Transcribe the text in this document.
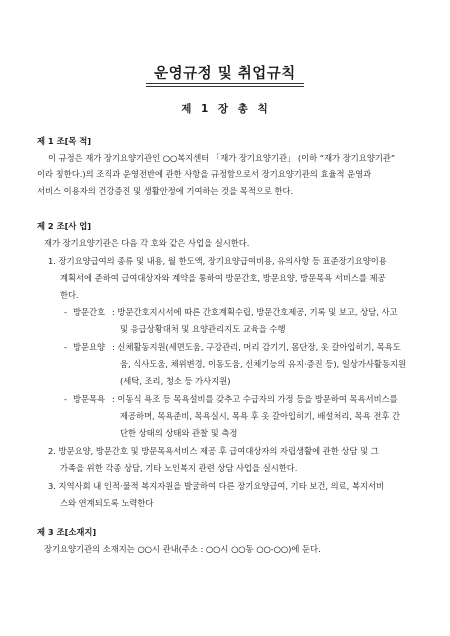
운영규정 및 취업규칙
제 1 장 총 칙
제 1 조[목 적]
이 규정은 재가 장기요양기관인 ○○복지센터 「재가 장기요양기관」 (이하 “재가 장기요양기관”
이라 칭한다.)의 조직과 운영전반에 관한 사항을 규정함으로서 장기요양기관의 효율적 운영과
서비스 이용자의 건강증진 및 생활안정에 기여하는 것을 목적으로 한다.
제 2 조[사 업]
재가 장기요양기관은 다음 각 호와 같은 사업을 실시한다.
1. 장기요양급여의 종류 및 내용, 월 한도액, 장기요양급여비용, 유의사항 등 표준장기요양이용
계획서에 준하여 급여대상자와 계약을 통하여 방문간호, 방문요양, 방문목욕 서비스를 제공
한다.
- 방문간호 : 방문간호지시서에 따른 간호계획수립, 방문간호제공, 기록 및 보고, 상담, 사고
및 응급상황대처 및 요양관리지도 교육을 수행
- 방문요양 : 신체활동지원(세면도움, 구강관리, 머리 감기기, 몸단장, 옷 갈아입히기, 목욕도
움, 식사도움, 체위변경, 이동도움, 신체기능의 유지·증진 등), 일상가사활동지원
(세탁, 조리, 청소 등 가사지원)
- 방문목욕 : 이동식 욕조 등 목욕설비를 갖추고 수급자의 가정 등을 방문하여 목욕서비스를
제공하며, 목욕준비, 목욕실시, 목욕 후 옷 갈아입히기, 배설처리, 목욕 전후 간
단한 상태의 상태와 관찰 및 측정
2. 방문요양, 방문간호 및 방문목욕서비스 제공 후 급여대상자의 자립생활에 관한 상담 및 그
가족을 위한 각종 상담, 기타 노인복지 관련 상담 사업을 실시한다.
3. 지역사회 내 인적·물적 복지자원을 발굴하여 다른 장기요양급여, 기타 보건, 의료, 복지서비
스와 연계되도록 노력한다
제 3 조[소재지]
장기요양기관의 소재지는 ○○시 관내(주소 : ○○시 ○○동 ○○-○○)에 둔다.
